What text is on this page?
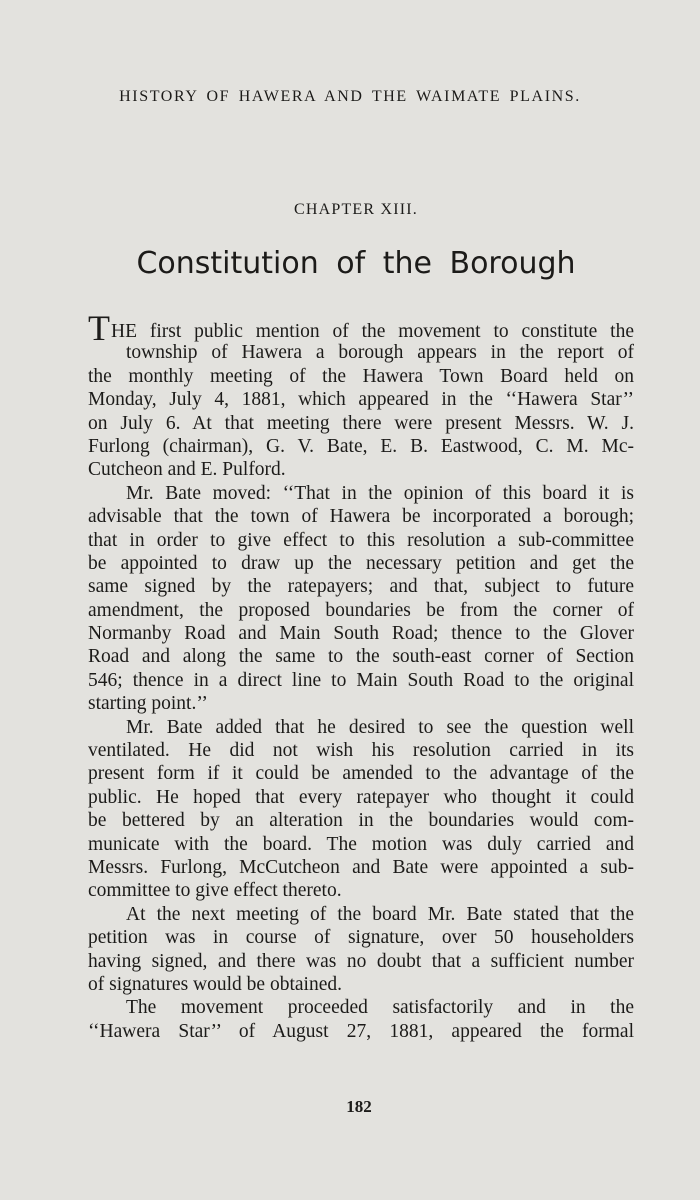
HISTORY OF HAWERA AND THE WAIMATE PLAINS.
CHAPTER XIII.
Constitution of the Borough
THE first public mention of the movement to constitute the
township of Hawera a borough appears in the report of
the monthly meeting of the Hawera Town Board held on
Monday, July 4, 1881, which appeared in the ‘‘Hawera Star’’
on July 6. At that meeting there were present Messrs. W. J.
Furlong (chairman), G. V. Bate, E. B. Eastwood, C. M. Mc-
Cutcheon and E. Pulford.
Mr. Bate moved: ‘‘That in the opinion of this board it is
advisable that the town of Hawera be incorporated a borough;
that in order to give effect to this resolution a sub-committee
be appointed to draw up the necessary petition and get the
same signed by the ratepayers; and that, subject to future
amendment, the proposed boundaries be from the corner of
Normanby Road and Main South Road; thence to the Glover
Road and along the same to the south-east corner of Section
546; thence in a direct line to Main South Road to the original
starting point.’’
Mr. Bate added that he desired to see the question well
ventilated. He did not wish his resolution carried in its
present form if it could be amended to the advantage of the
public. He hoped that every ratepayer who thought it could
be bettered by an alteration in the boundaries would com-
municate with the board. The motion was duly carried and
Messrs. Furlong, McCutcheon and Bate were appointed a sub-
committee to give effect thereto.
At the next meeting of the board Mr. Bate stated that the
petition was in course of signature, over 50 householders
having signed, and there was no doubt that a sufficient number
of signatures would be obtained.
The movement proceeded satisfactorily and in the
‘‘Hawera Star’’ of August 27, 1881, appeared the formal
182
